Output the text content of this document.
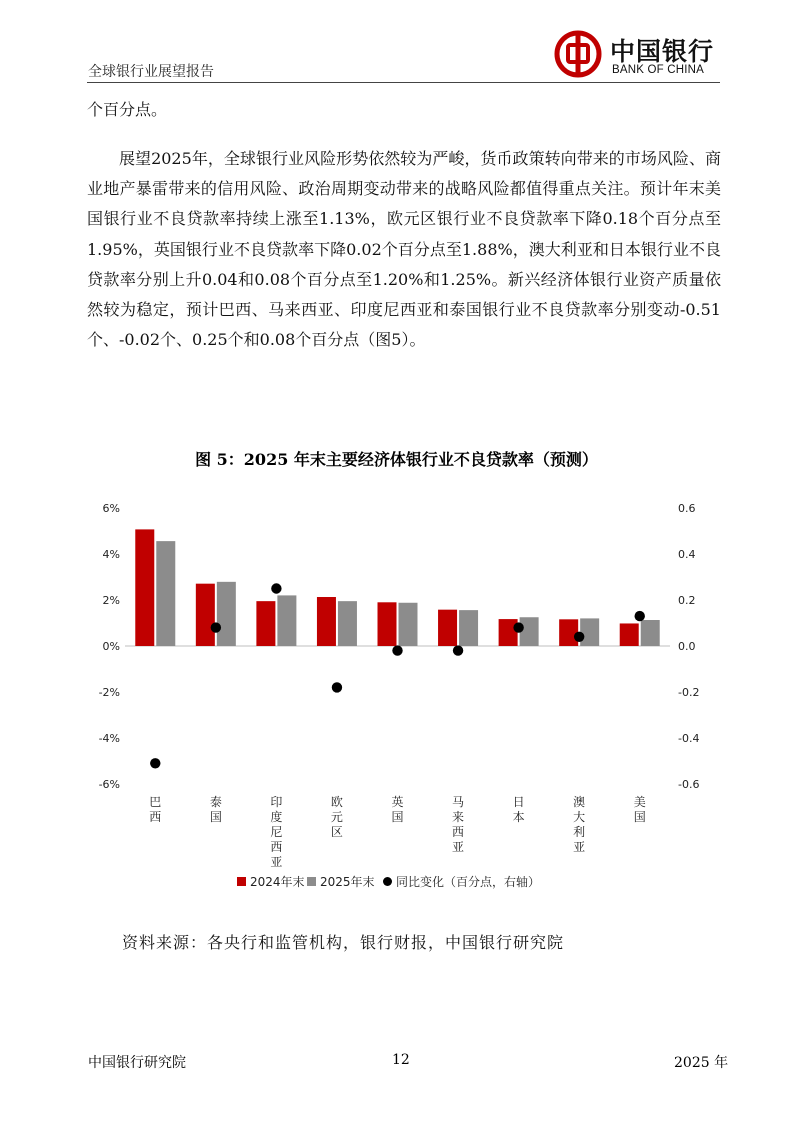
全球银行业展望报告
中国银行
BANK OF CHINA
个百分点。
展望2025年，全球银行业风险形势依然较为严峻，货币政策转向带来的市场风险、商业地产暴雷带来的信用风险、政治周期变动带来的战略风险都值得重点关注。预计年末美国银行业不良贷款率持续上涨至1.13%，欧元区银行业不良贷款率下降0.18个百分点至1.95%，英国银行业不良贷款率下降0.02个百分点至1.88%，澳大利亚和日本银行业不良贷款率分别上升0.04和0.08个百分点至1.20%和1.25%。新兴经济体银行业资产质量依然较为稳定，预计巴西、马来西亚、印度尼西亚和泰国银行业不良贷款率分别变动-0.51个、-0.02个、0.25个和0.08个百分点（图5）。
图 5：2025 年末主要经济体银行业不良贷款率（预测）
6%
4%
2%
0%
-2%
-4%
-6%
0.6
0.4
0.2
0.0
-0.2
-0.4
-0.6
巴
西
泰
国
印
度
尼
西
亚
欧
元
区
英
国
马
来
西
亚
日
本
澳
大
利
亚
美
国
2024年末 2025年末 同比变化（百分点，右轴）
资料来源：各央行和监管机构，银行财报，中国银行研究院
中国银行研究院	12	2025 年
